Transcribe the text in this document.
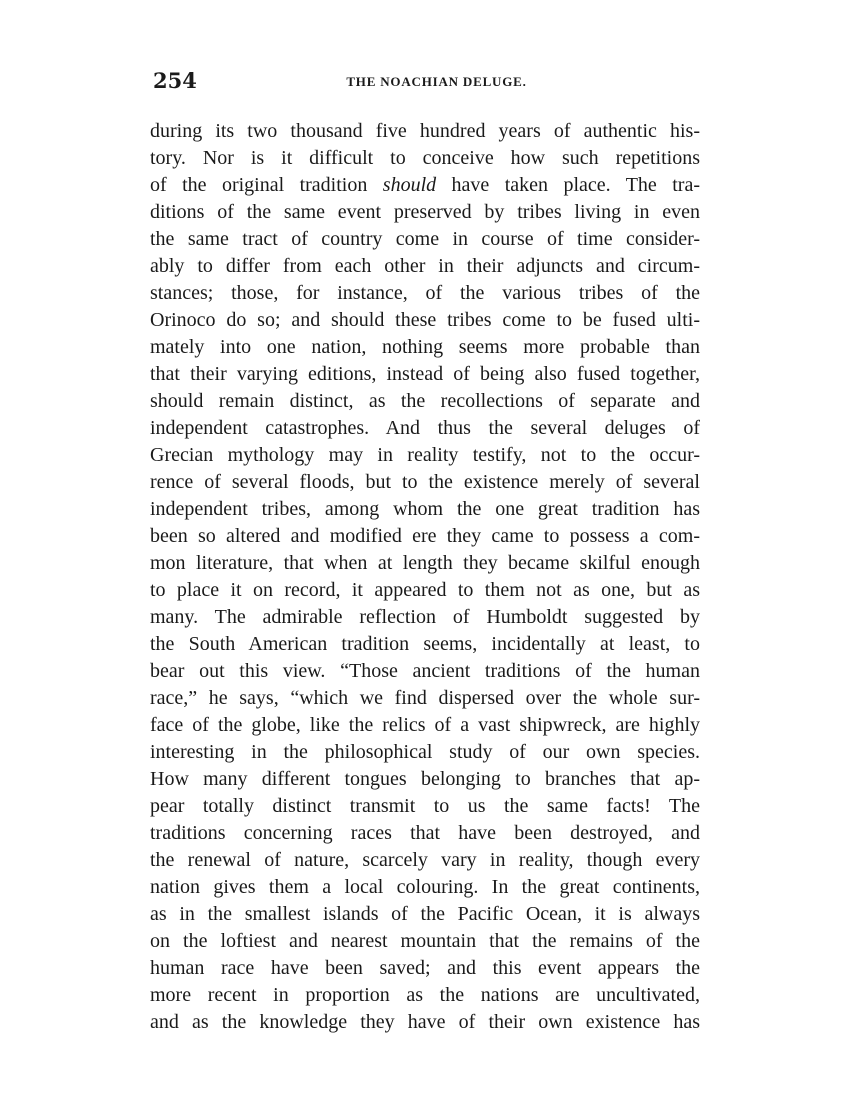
254	THE NOACHIAN DELUGE.
during its two thousand five hundred years of authentic his-
tory. Nor is it difficult to conceive how such repetitions
of the original tradition should have taken place. The tra-
ditions of the same event preserved by tribes living in even
the same tract of country come in course of time consider-
ably to differ from each other in their adjuncts and circum-
stances; those, for instance, of the various tribes of the
Orinoco do so; and should these tribes come to be fused ulti-
mately into one nation, nothing seems more probable than
that their varying editions, instead of being also fused together,
should remain distinct, as the recollections of separate and
independent catastrophes. And thus the several deluges of
Grecian mythology may in reality testify, not to the occur-
rence of several floods, but to the existence merely of several
independent tribes, among whom the one great tradition has
been so altered and modified ere they came to possess a com-
mon literature, that when at length they became skilful enough
to place it on record, it appeared to them not as one, but as
many. The admirable reflection of Humboldt suggested by
the South American tradition seems, incidentally at least, to
bear out this view. “Those ancient traditions of the human
race,” he says, “which we find dispersed over the whole sur-
face of the globe, like the relics of a vast shipwreck, are highly
interesting in the philosophical study of our own species.
How many different tongues belonging to branches that ap-
pear totally distinct transmit to us the same facts! The
traditions concerning races that have been destroyed, and
the renewal of nature, scarcely vary in reality, though every
nation gives them a local colouring. In the great continents,
as in the smallest islands of the Pacific Ocean, it is always
on the loftiest and nearest mountain that the remains of the
human race have been saved; and this event appears the
more recent in proportion as the nations are uncultivated,
and as the knowledge they have of their own existence has
